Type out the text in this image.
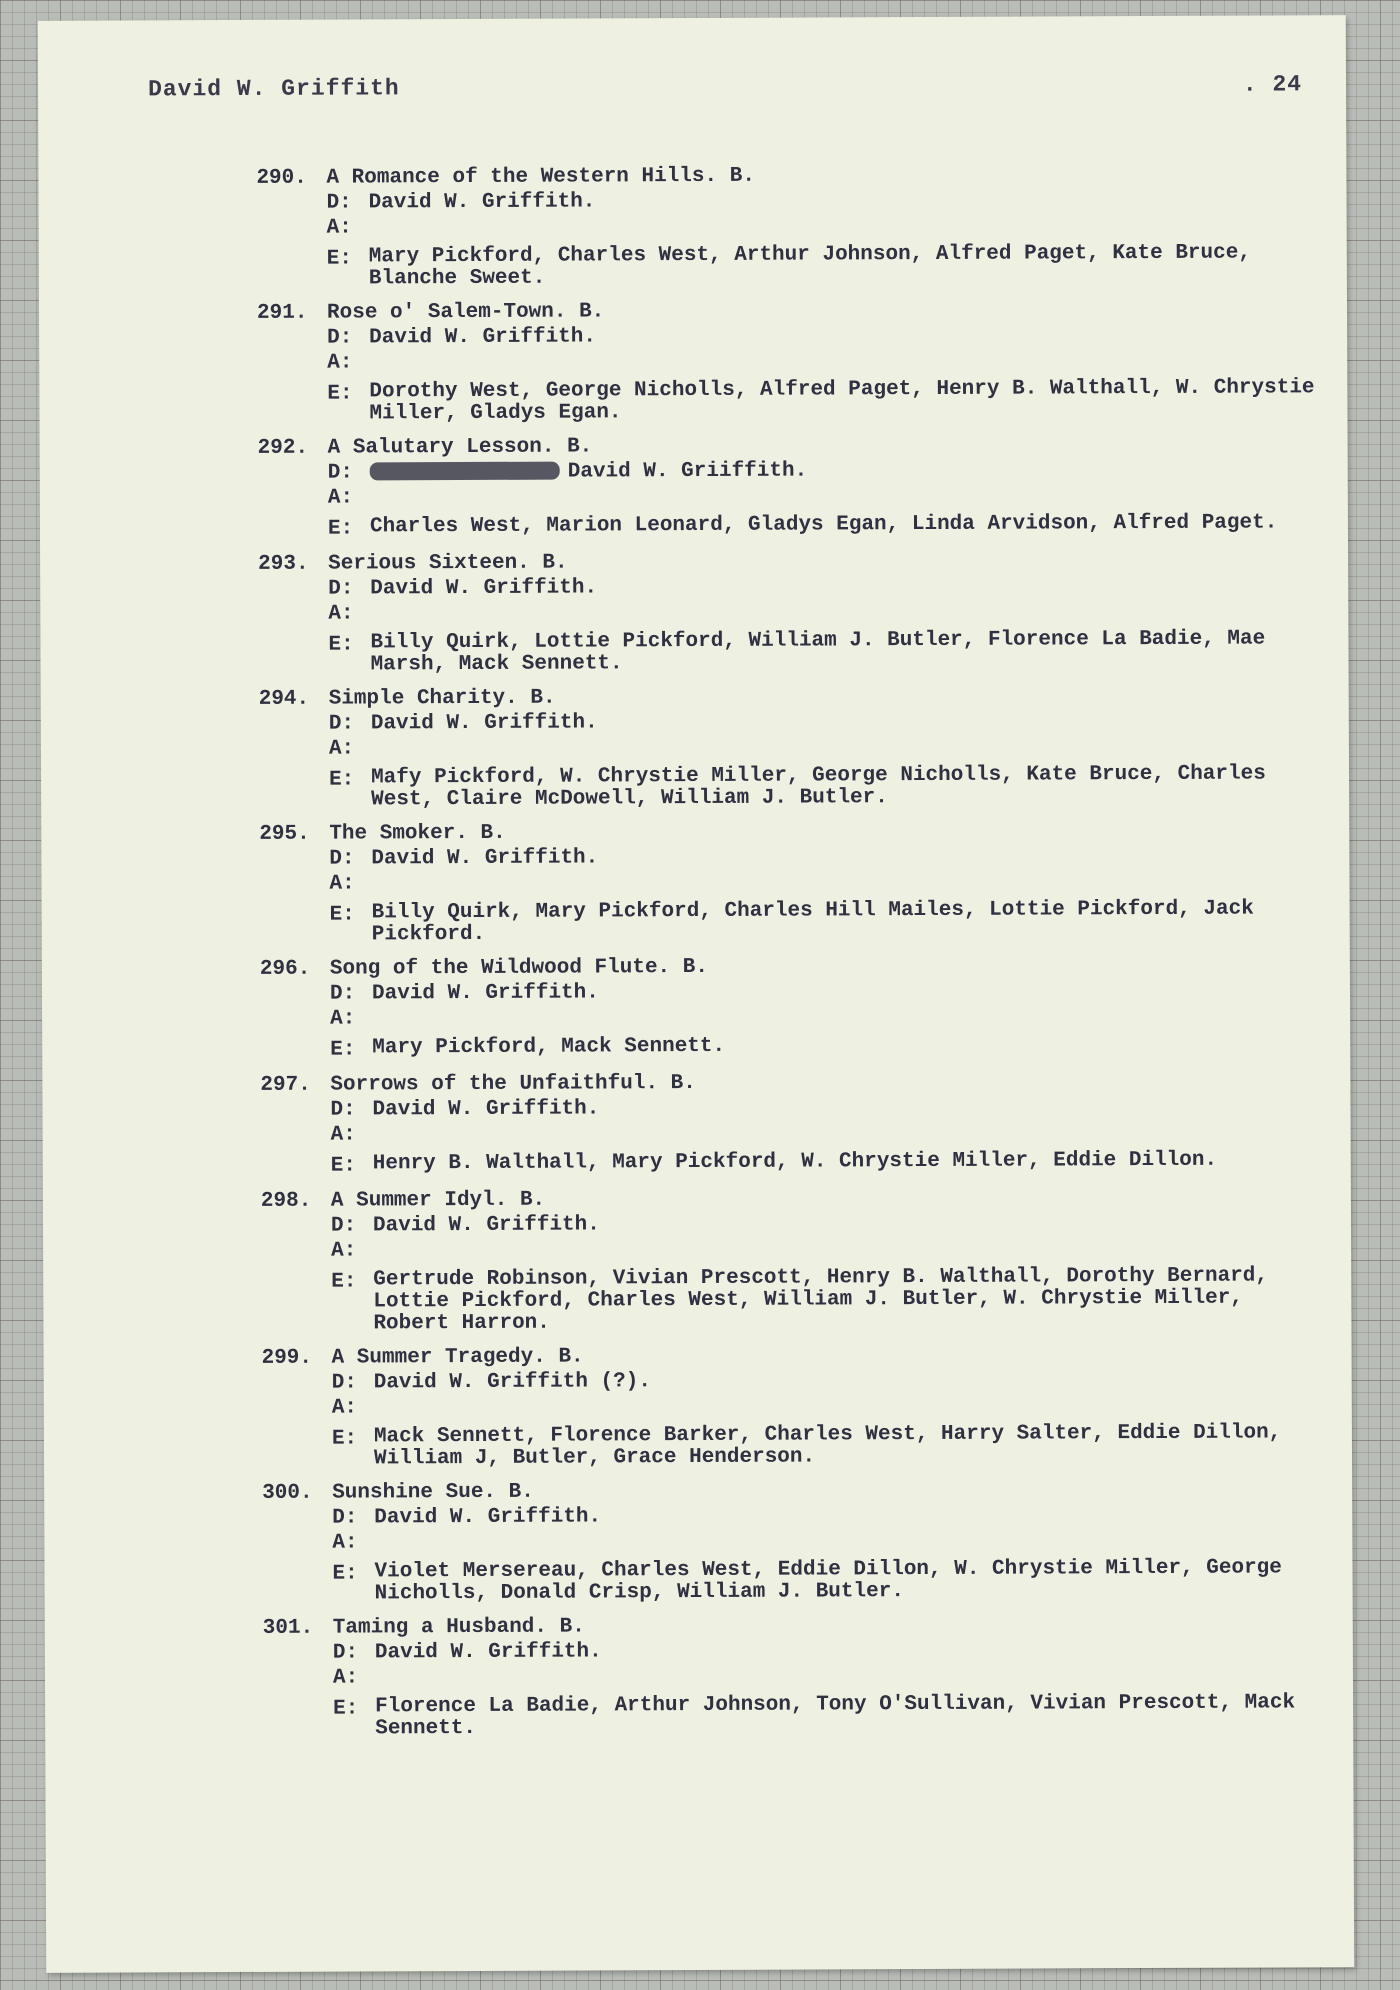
David W. Griffith	. 24
290. A Romance of the Western Hills. B.
D: David W. Griffith.
A:
E: Mary Pickford, Charles West, Arthur Johnson, Alfred Paget, Kate Bruce, Blanche Sweet.
291. Rose o' Salem-Town. B.
D: David W. Griffith.
A:
E: Dorothy West, George Nicholls, Alfred Paget, Henry B. Walthall, W. Chrystie Miller, Gladys Egan.
292. A Salutary Lesson. B.
D:	David W. Griiffith.
A:
E: Charles West, Marion Leonard, Gladys Egan, Linda Arvidson, Alfred Paget.
293. Serious Sixteen. B.
D: David W. Griffith.
A:
E: Billy Quirk, Lottie Pickford, William J. Butler, Florence La Badie, Mae Marsh, Mack Sennett.
294. Simple Charity. B.
D: David W. Griffith.
A:
E: Mafy Pickford, W. Chrystie Miller, George Nicholls, Kate Bruce, Charles West, Claire McDowell, William J. Butler.
295. The Smoker. B.
D: David W. Griffith.
A:
E: Billy Quirk, Mary Pickford, Charles Hill Mailes, Lottie Pickford, Jack Pickford.
296. Song of the Wildwood Flute. B.
D: David W. Griffith.
A:
E: Mary Pickford, Mack Sennett.
297. Sorrows of the Unfaithful. B.
D: David W. Griffith.
A:
E: Henry B. Walthall, Mary Pickford, W. Chrystie Miller, Eddie Dillon.
298. A Summer Idyl. B.
D: David W. Griffith.
A:
E: Gertrude Robinson, Vivian Prescott, Henry B. Walthall, Dorothy Bernard, Lottie Pickford, Charles West, William J. Butler, W. Chrystie Miller, Robert Harron.
299. A Summer Tragedy. B.
D: David W. Griffith (?).
A:
E: Mack Sennett, Florence Barker, Charles West, Harry Salter, Eddie Dillon, William J, Butler, Grace Henderson.
300. Sunshine Sue. B.
D: David W. Griffith.
A:
E: Violet Mersereau, Charles West, Eddie Dillon, W. Chrystie Miller, George Nicholls, Donald Crisp, William J. Butler.
301. Taming a Husband. B.
D: David W. Griffith.
A:
E: Florence La Badie, Arthur Johnson, Tony O'Sullivan, Vivian Prescott, Mack Sennett.
